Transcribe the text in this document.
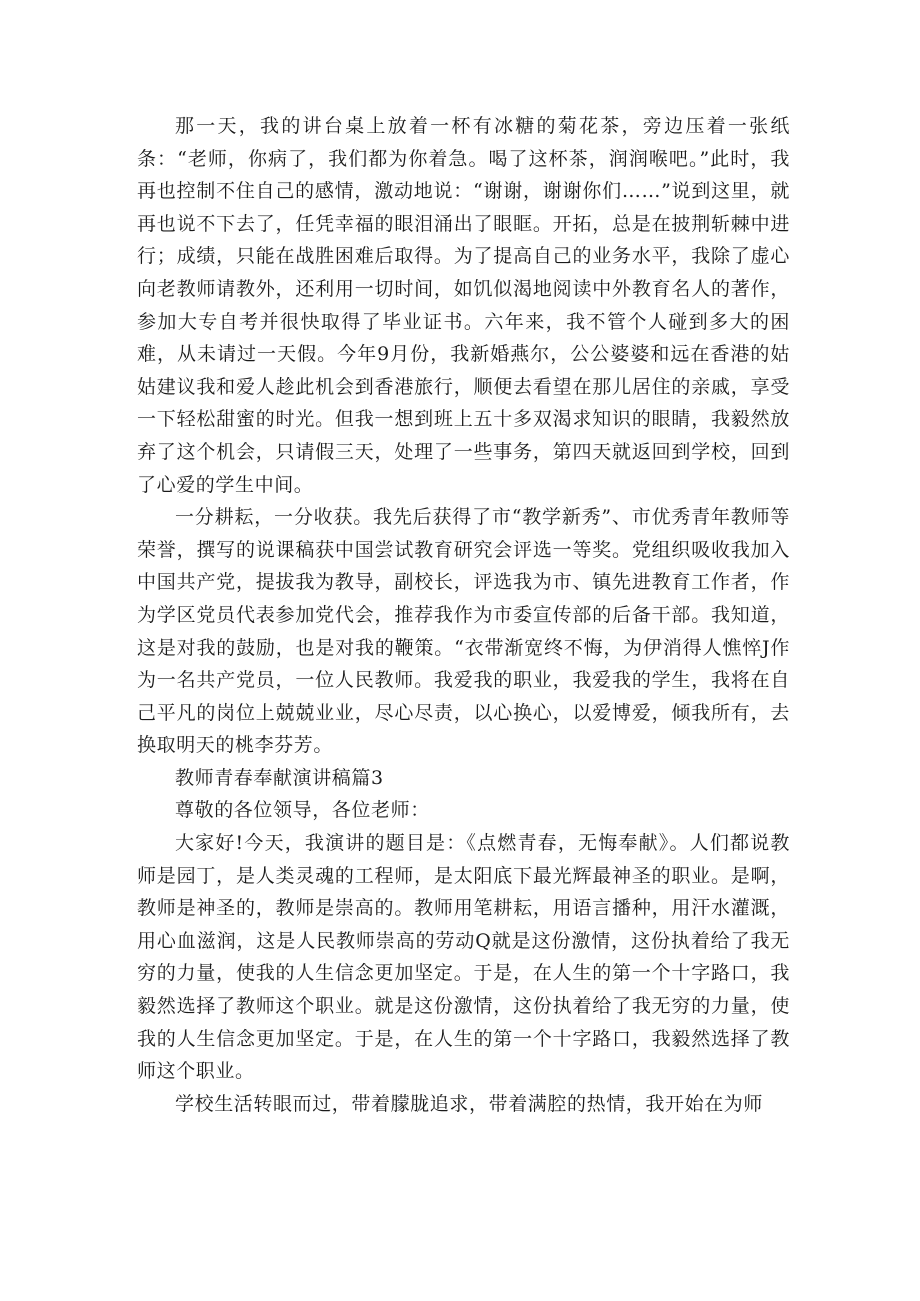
那一天，我的讲台桌上放着一杯有冰糖的菊花茶，旁边压着一张纸条：“老师，你病了，我们都为你着急。喝了这杯茶，润润喉吧。”此时，我再也控制不住自己的感情，激动地说：“谢谢，谢谢你们……”说到这里，就再也说不下去了，任凭幸福的眼泪涌出了眼眶。开拓，总是在披荆斩棘中进行；成绩，只能在战胜困难后取得。为了提高自己的业务水平，我除了虚心向老教师请教外，还利用一切时间，如饥似渴地阅读中外教育名人的著作，参加大专自考并很快取得了毕业证书。六年来，我不管个人碰到多大的困难，从未请过一天假。今年9月份，我新婚燕尔，公公婆婆和远在香港的姑姑建议我和爱人趁此机会到香港旅行，顺便去看望在那儿居住的亲戚，享受一下轻松甜蜜的时光。但我一想到班上五十多双渴求知识的眼睛，我毅然放弃了这个机会，只请假三天，处理了一些事务，第四天就返回到学校，回到了心爱的学生中间。

一分耕耘，一分收获。我先后获得了市“教学新秀”、市优秀青年教师等荣誉，撰写的说课稿获中国尝试教育研究会评选一等奖。党组织吸收我加入中国共产党，提拔我为教导，副校长，评选我为市、镇先进教育工作者，作为学区党员代表参加党代会，推荐我作为市委宣传部的后备干部。我知道，这是对我的鼓励，也是对我的鞭策。“衣带渐宽终不悔，为伊消得人憔悴J作为一名共产党员，一位人民教师。我爱我的职业，我爱我的学生，我将在自己平凡的岗位上兢兢业业，尽心尽责，以心换心，以爱博爱，倾我所有，去换取明天的桃李芬芳。

教师青春奉献演讲稿篇3

尊敬的各位领导，各位老师：

大家好!今天，我演讲的题目是：《点燃青春，无悔奉献》。人们都说教师是园丁，是人类灵魂的工程师，是太阳底下最光辉最神圣的职业。是啊，教师是神圣的，教师是崇高的。教师用笔耕耘，用语言播种，用汗水灌溉，用心血滋润，这是人民教师崇高的劳动Q就是这份激情，这份执着给了我无穷的力量，使我的人生信念更加坚定。于是，在人生的第一个十字路口，我毅然选择了教师这个职业。就是这份激情，这份执着给了我无穷的力量，使我的人生信念更加坚定。于是，在人生的第一个十字路口，我毅然选择了教师这个职业。

学校生活转眼而过，带着朦胧追求，带着满腔的热情，我开始在为师
